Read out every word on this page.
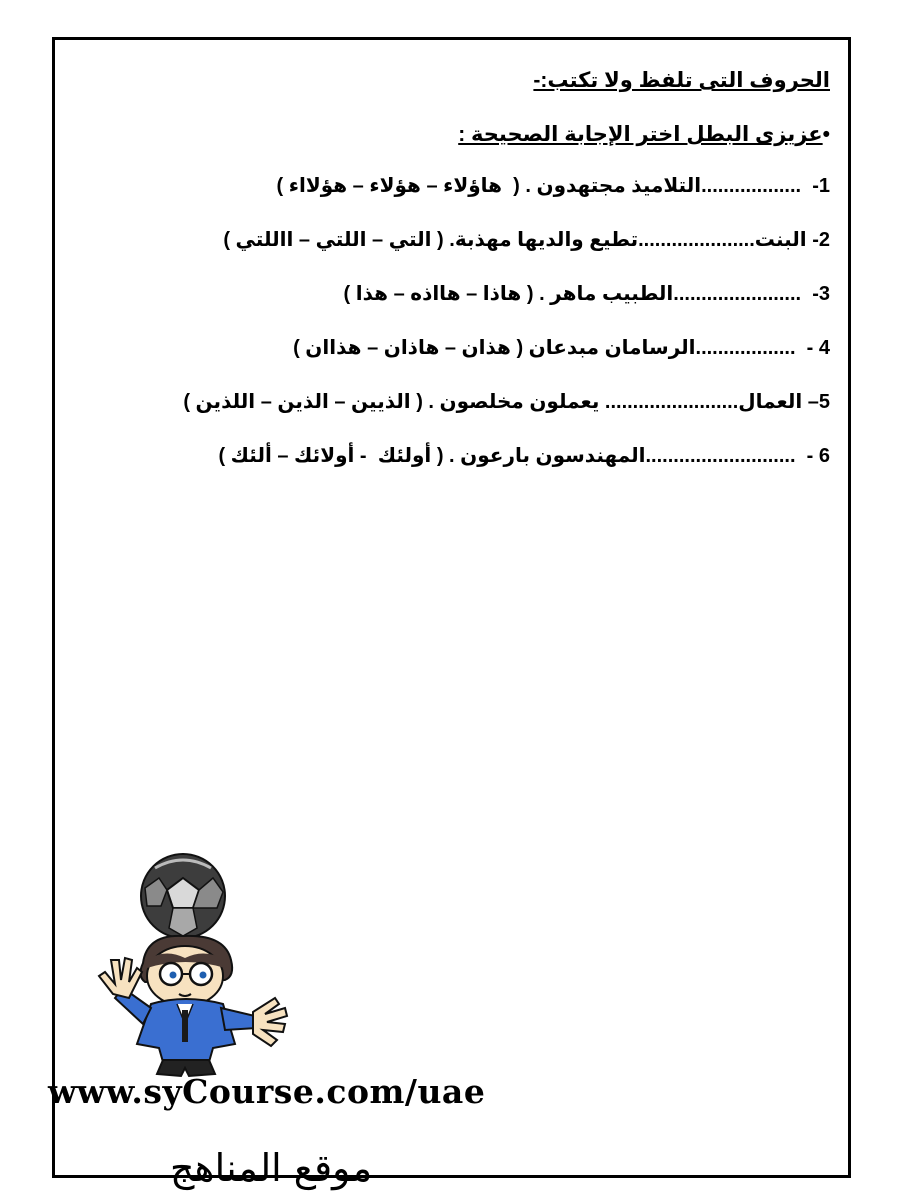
الحروف التى تلفظ ولا تكتب:-
•عزيزى البطل اختر الإجابة الصحيحة :
1-  ..................التلاميذ مجتهدون . (  هاؤلاء – هؤلاء – هؤلااء )
2- البنت.....................تطيع والديها مهذبة. ( التي – اللتي – االلتي )
3-  .......................الطبيب ماهر . ( هاذا – هااذه – هذا )
4 -  ..................الرسامان مبدعان ( هذان – هاذان – هذاان )
5– العمال........................ يعملون مخلصون . ( الذيين – الذين – اللذين )
6 -  ...........................المهندسون بارعون . ( أولئك  - أولائك – ألئك )
www.syCourse.com/uae
موقع المناهج
